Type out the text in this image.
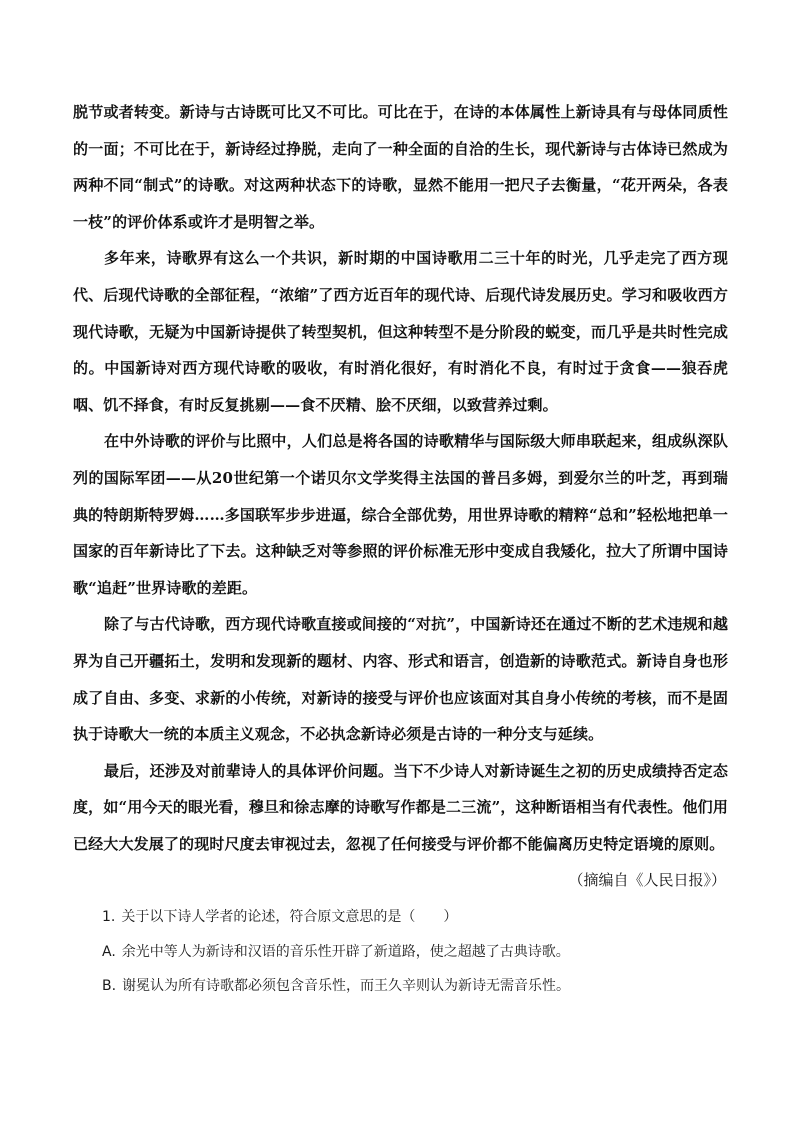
脱节或者转变。新诗与古诗既可比又不可比。可比在于，在诗的本体属性上新诗具有与母体同质性的一面；不可比在于，新诗经过挣脱，走向了一种全面的自洽的生长，现代新诗与古体诗已然成为两种不同“制式”的诗歌。对这两种状态下的诗歌，显然不能用一把尺子去衡量，“花开两朵，各表一枝”的评价体系或许才是明智之举。

多年来，诗歌界有这么一个共识，新时期的中国诗歌用二三十年的时光，几乎走完了西方现代、后现代诗歌的全部征程，“浓缩”了西方近百年的现代诗、后现代诗发展历史。学习和吸收西方现代诗歌，无疑为中国新诗提供了转型契机，但这种转型不是分阶段的蜕变，而几乎是共时性完成的。中国新诗对西方现代诗歌的吸收，有时消化很好，有时消化不良，有时过于贪食——狼吞虎咽、饥不择食，有时反复挑剔——食不厌精、脍不厌细，以致营养过剩。

在中外诗歌的评价与比照中，人们总是将各国的诗歌精华与国际级大师串联起来，组成纵深队列的国际军团——从20世纪第一个诺贝尔文学奖得主法国的普吕多姆，到爱尔兰的叶芝，再到瑞典的特朗斯特罗姆……多国联军步步进逼，综合全部优势，用世界诗歌的精粹“总和”轻松地把单一国家的百年新诗比了下去。这种缺乏对等参照的评价标准无形中变成自我矮化，拉大了所谓中国诗歌“追赶”世界诗歌的差距。

除了与古代诗歌，西方现代诗歌直接或间接的“对抗”，中国新诗还在通过不断的艺术违规和越界为自己开疆拓土，发明和发现新的题材、内容、形式和语言，创造新的诗歌范式。新诗自身也形成了自由、多变、求新的小传统，对新诗的接受与评价也应该面对其自身小传统的考核，而不是固执于诗歌大一统的本质主义观念，不必执念新诗必须是古诗的一种分支与延续。

最后，还涉及对前辈诗人的具体评价问题。当下不少诗人对新诗诞生之初的历史成绩持否定态度，如“用今天的眼光看，穆旦和徐志摩的诗歌写作都是二三流”，这种断语相当有代表性。他们用已经大大发展了的现时尺度去审视过去，忽视了任何接受与评价都不能偏离历史特定语境的原则。

（摘编自《人民日报》）

1. 关于以下诗人学者的论述，符合原文意思的是（　　）

A. 余光中等人为新诗和汉语的音乐性开辟了新道路，使之超越了古典诗歌。

B. 谢冕认为所有诗歌都必须包含音乐性，而王久辛则认为新诗无需音乐性。
